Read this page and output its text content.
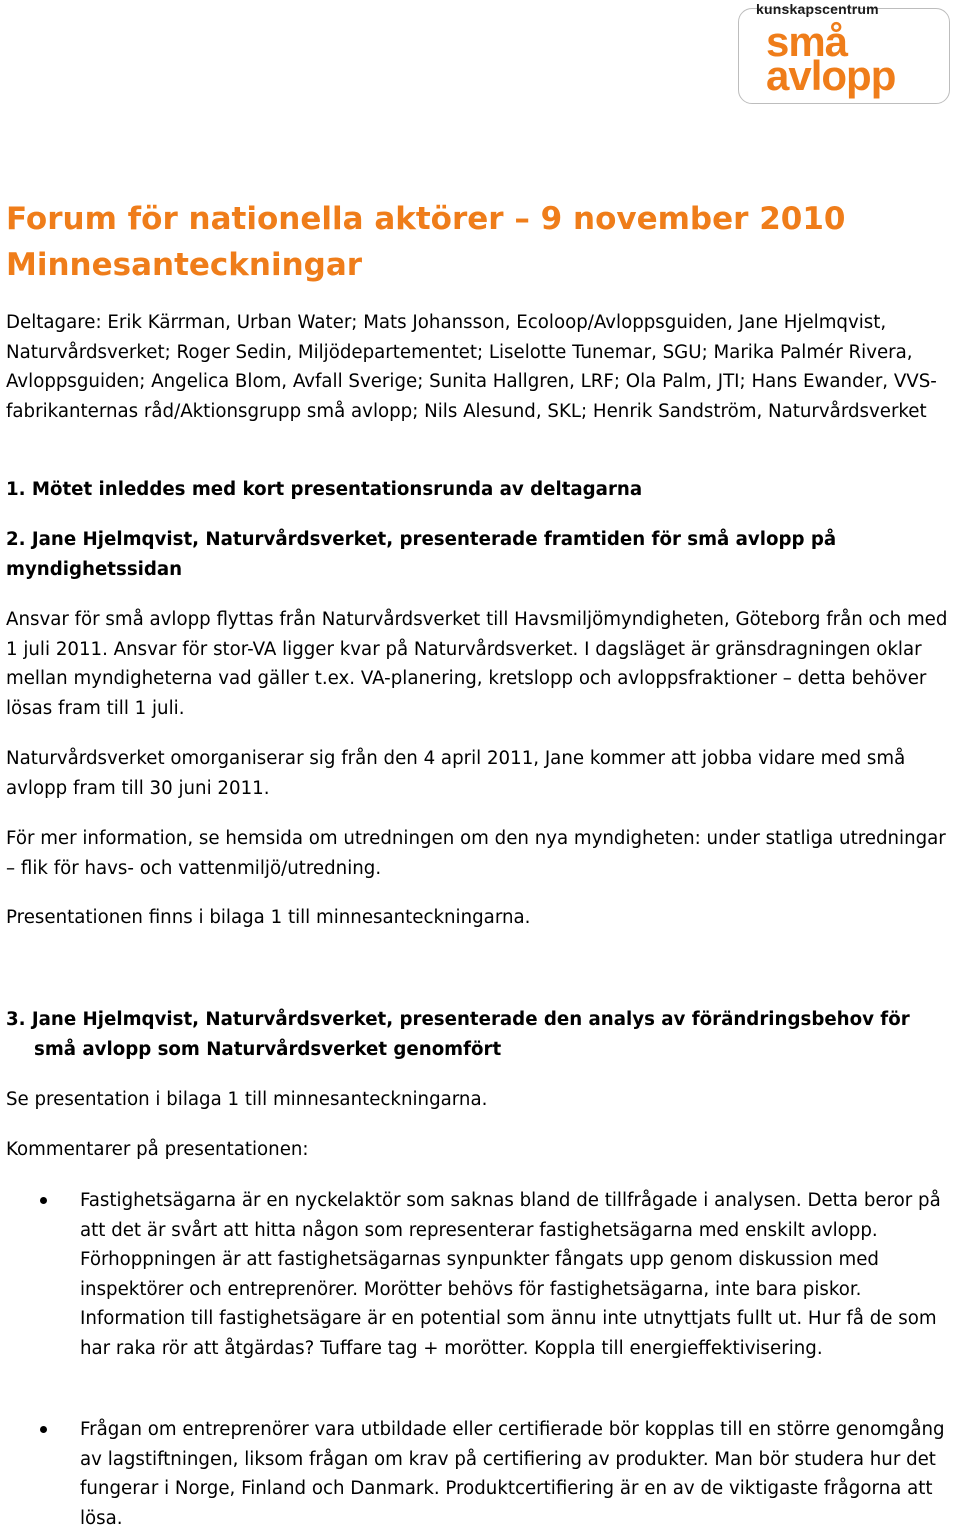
kunskapscentrum
små
avlopp
Forum för nationella aktörer – 9 november 2010
Minnesanteckningar

Deltagare: Erik Kärrman, Urban Water; Mats Johansson, Ecoloop/Avloppsguiden, Jane Hjelmqvist, Naturvårdsverket; Roger Sedin, Miljödepartementet; Liselotte Tunemar, SGU; Marika Palmér Rivera, Avloppsguiden; Angelica Blom, Avfall Sverige; Sunita Hallgren, LRF; Ola Palm, JTI; Hans Ewander, VVS-fabrikanternas råd/Aktionsgrupp små avlopp; Nils Alesund, SKL; Henrik Sandström, Naturvårdsverket

1. Mötet inleddes med kort presentationsrunda av deltagarna

2. Jane Hjelmqvist, Naturvårdsverket, presenterade framtiden för små avlopp på myndighetssidan

Ansvar för små avlopp flyttas från Naturvårdsverket till Havsmiljömyndigheten, Göteborg från och med 1 juli 2011. Ansvar för stor-VA ligger kvar på Naturvårdsverket. I dagsläget är gränsdragningen oklar mellan myndigheterna vad gäller t.ex. VA-planering, kretslopp och avloppsfraktioner – detta behöver lösas fram till 1 juli.

Naturvårdsverket omorganiserar sig från den 4 april 2011, Jane kommer att jobba vidare med små avlopp fram till 30 juni 2011.

För mer information, se hemsida om utredningen om den nya myndigheten: under statliga utredningar – flik för havs- och vattenmiljö/utredning.

Presentationen finns i bilaga 1 till minnesanteckningarna.

3. Jane Hjelmqvist, Naturvårdsverket, presenterade den analys av förändringsbehov för små avlopp som Naturvårdsverket genomfört

Se presentation i bilaga 1 till minnesanteckningarna.

Kommentarer på presentationen:

Fastighetsägarna är en nyckelaktör som saknas bland de tillfrågade i analysen. Detta beror på att det är svårt att hitta någon som representerar fastighetsägarna med enskilt avlopp. Förhoppningen är att fastighetsägarnas synpunkter fångats upp genom diskussion med inspektörer och entreprenörer. Morötter behövs för fastighetsägarna, inte bara piskor. Information till fastighetsägare är en potential som ännu inte utnyttjats fullt ut. Hur få de som har raka rör att åtgärdas? Tuffare tag + morötter. Koppla till energieffektivisering.

Frågan om entreprenörer vara utbildade eller certifierade bör kopplas till en större genomgång av lagstiftningen, liksom frågan om krav på certifiering av produkter. Man bör studera hur det fungerar i Norge, Finland och Danmark. Produktcertifiering är en av de viktigaste frågorna att lösa.
